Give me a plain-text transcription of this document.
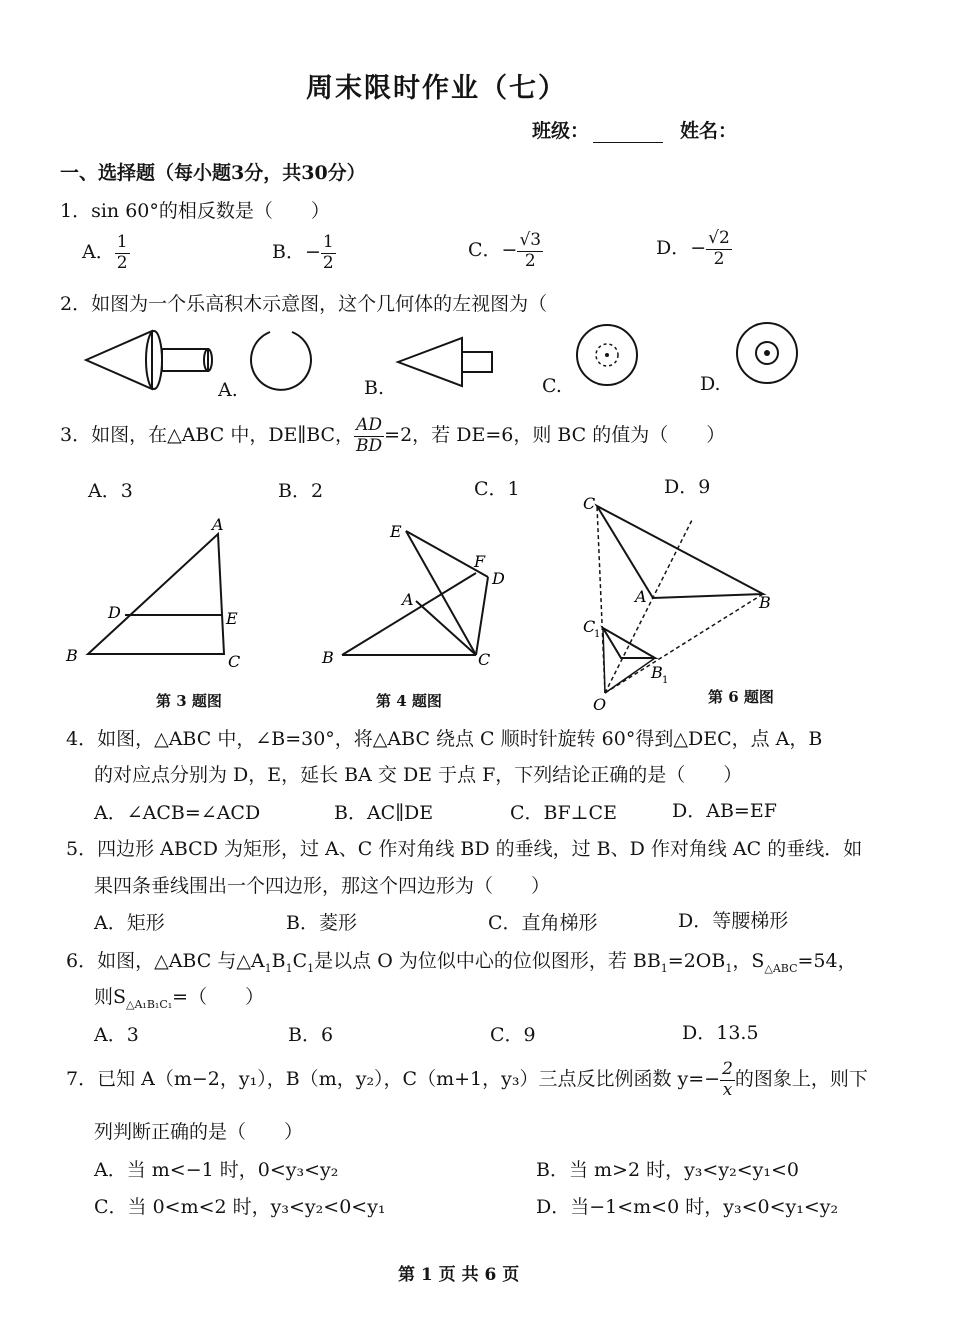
周末限时作业（七）
班级：	姓名：
一、选择题（每小题3分，共30分）
1．sin 60°的相反数是（　　）
A． $\frac{1}{2}$	B．− $\frac{1}{2}$	C．− $\frac{√3}{2}$	D．− $\frac{√2}{2}$
2．如图为一个乐高积木示意图，这个几何体的左视图为（
A.	B.	C.	D.
3．如图，在△ABC 中，DE∥BC， $\frac{AD}{BD} =2$，若 DE=6，则 BC 的值为（　　）
A．3	B．2	C．1	D．9
A
D	E
B	C
第 3 题图
E
F
D
A
B	C
第 4 题图
C
A	B
C
1
B 1
O	第 6 题图
4．如图，△ABC 中，∠B=30°，将△ABC 绕点 C 顺时针旋转 60°得到△DEC，点 A，B
的对应点分别为 D，E，延长 BA 交 DE 于点 F，下列结论正确的是（　　）
A．∠ACB=∠ACD	B．AC∥DE	C．BF⊥CE	D．AB=EF
5．四边形 ABCD 为矩形，过 A、C 作对角线 BD 的垂线，过 B、D 作对角线 AC 的垂线．如
果四条垂线围出一个四边形，那这个四边形为（　　）
A．矩形	B．菱形	C．直角梯形	D．等腰梯形
6．如图，△ABC 与$\triangle A_1B_1C_1$是以点 O 为位似中心的位似图形，若 $BB_1=2OB_1$，$S_{\triangle ABC}=54$，
则$S_{\triangle A_1B_1C_1}=$（　　）
A．3	B．6	C．9	D．13.5
7．已知 A（m−2，y₁），B（m，y₂），C（m+1，y₃）三点反比例函数 $y=- \frac{2}{x}$ 的图象上，则下
列判断正确的是（　　）
A．当 m<−1 时，0<y₃<y₂	B．当 m>2 时，y₃<y₂<y₁<0
C．当 0<m<2 时，y₃<y₂<0<y₁	D．当−1<m<0 时，y₃<0<y₁<y₂
第 1 页 共 6 页
